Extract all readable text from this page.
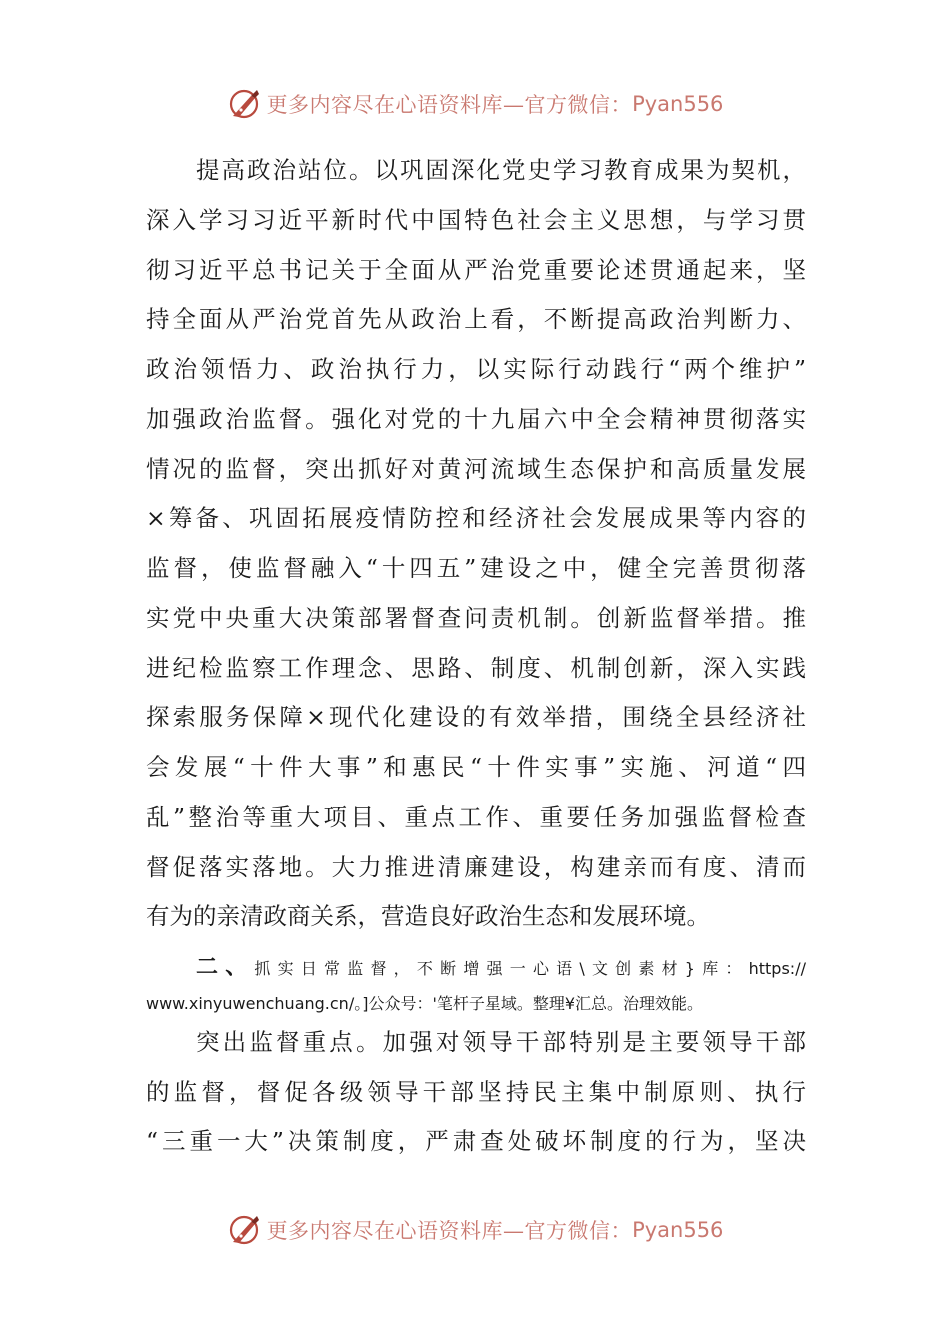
更多内容尽在心语资料库—官方微信： Pyan556
提高政治站位。以巩固深化党史学习教育成果为契机，
深入学习习近平新时代中国特色社会主义思想，与学习贯
彻习近平总书记关于全面从严治党重要论述贯通起来，坚
持全面从严治党首先从政治上看，不断提高政治判断力、
政治领悟力、政治执行力，以实际行动践行“两个维护”
加强政治监督。强化对党的十九届六中全会精神贯彻落实
情况的监督，突出抓好对黄河流域生态保护和高质量发展
×筹备、巩固拓展疫情防控和经济社会发展成果等内容的
监督，使监督融入“十四五”建设之中，健全完善贯彻落
实党中央重大决策部署督查问责机制。创新监督举措。推
进纪检监察工作理念、思路、制度、机制创新，深入实践
探索服务保障×现代化建设的有效举措，围绕全县经济社
会发展“十件大事”和惠民“十件实事”实施、河道“四
乱”整治等重大项目、重点工作、重要任务加强监督检查
督促落实落地。大力推进清廉建设，构建亲而有度、清而
有为的亲清政商关系，营造良好政治生态和发展环境。
二、抓实日常监督，不断增强一心语\文创素材}库：https://
www.xinyuwenchuang.cn/。]公众号：'笔杆子星域。整理¥汇总。治理效能。
突出监督重点。加强对领导干部特别是主要领导干部
的监督，督促各级领导干部坚持民主集中制原则、执行
“三重一大”决策制度，严肃查处破坏制度的行为，坚决
更多内容尽在心语资料库—官方微信： Pyan556
